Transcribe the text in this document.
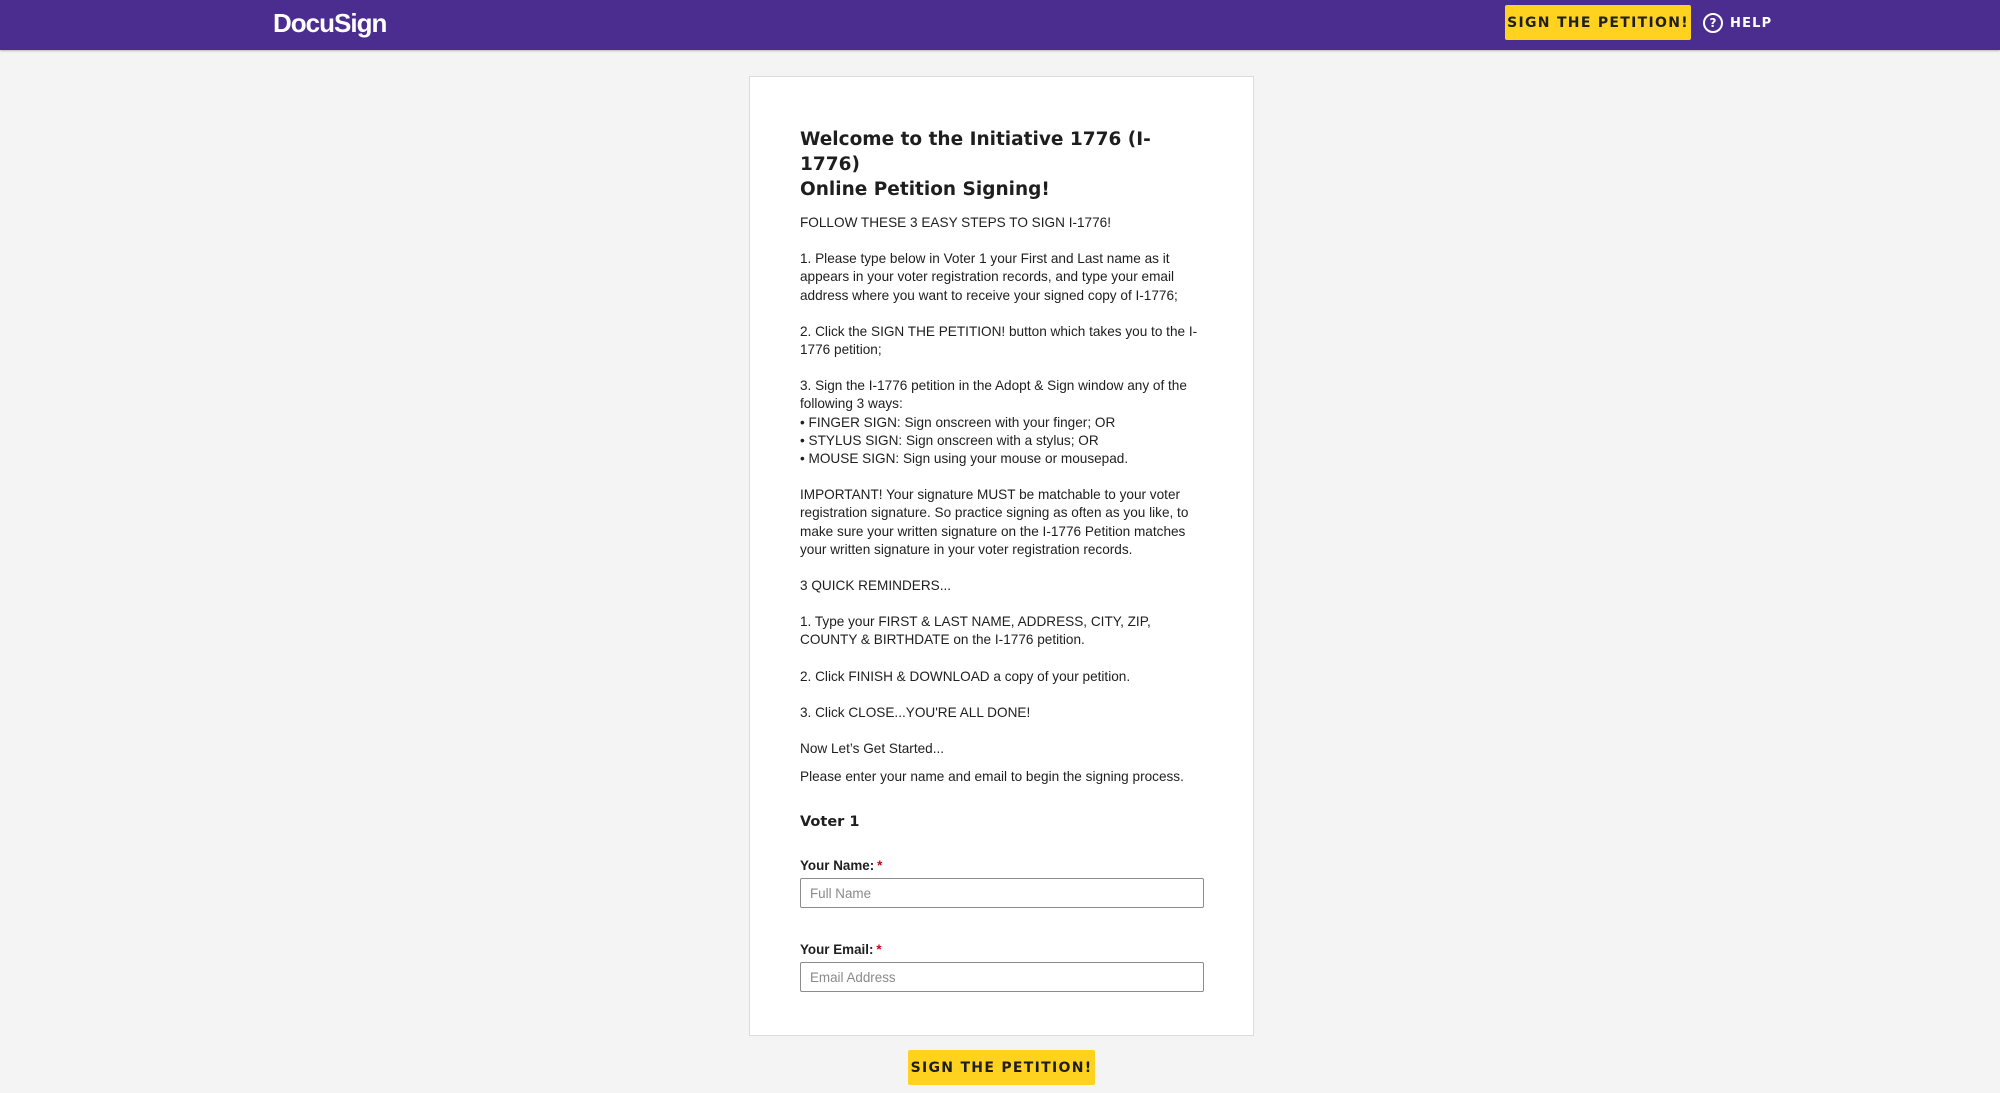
DocuSign	SIGN THE PETITION!	?	HELP
Welcome to the Initiative 1776 (I-1776)
Online Petition Signing!

FOLLOW THESE 3 EASY STEPS TO SIGN I-1776!

1. Please type below in Voter 1 your First and Last name as it appears in your voter registration records, and type your email address where you want to receive your signed copy of I-1776;

2. Click the SIGN THE PETITION! button which takes you to the I-1776 petition;

3. Sign the I-1776 petition in the Adopt & Sign window any of the following 3 ways:
• FINGER SIGN: Sign onscreen with your finger; OR
• STYLUS SIGN: Sign onscreen with a stylus; OR
• MOUSE SIGN: Sign using your mouse or mousepad.

IMPORTANT! Your signature MUST be matchable to your voter registration signature. So practice signing as often as you like, to make sure your written signature on the I-1776 Petition matches your written signature in your voter registration records.

3 QUICK REMINDERS...

1. Type your FIRST & LAST NAME, ADDRESS, CITY, ZIP, COUNTY & BIRTHDATE on the I-1776 petition.

2. Click FINISH & DOWNLOAD a copy of your petition.

3. Click CLOSE...YOU'RE ALL DONE!

Now Let’s Get Started...

Please enter your name and email to begin the signing process.

Voter 1
Your Name: *
Full Name
Your Email: *
Email Address
SIGN THE PETITION!
